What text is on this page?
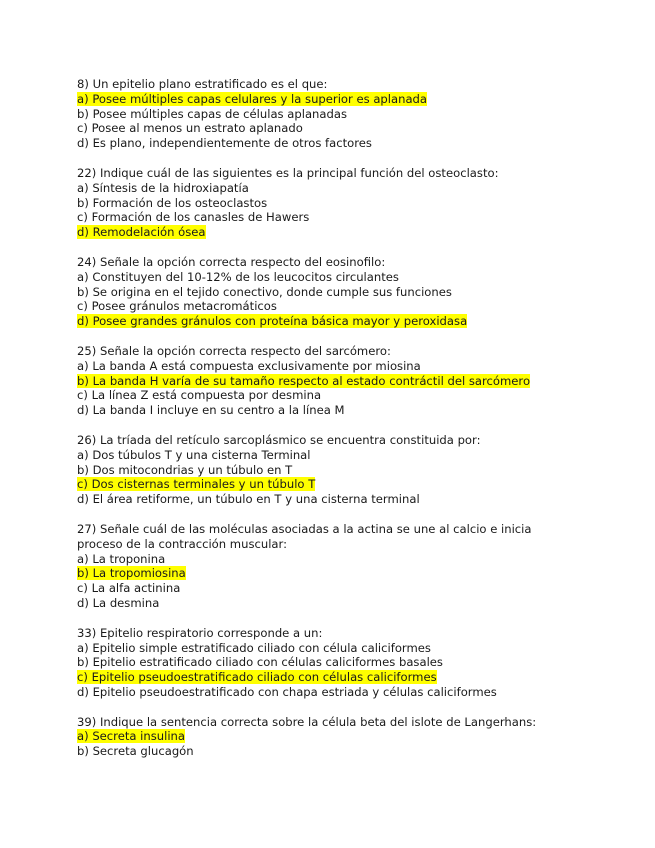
8) Un epitelio plano estratificado es el que:
a) Posee múltiples capas celulares y la superior es aplanada
b) Posee múltiples capas de células aplanadas
c) Posee al menos un estrato aplanado
d) Es plano, independientemente de otros factores
22) Indique cuál de las siguientes es la principal función del osteoclasto:
a) Síntesis de la hidroxiapatía
b) Formación de los osteoclastos
c) Formación de los canasles de Hawers
d) Remodelación ósea
24) Señale la opción correcta respecto del eosinofilo:
a) Constituyen del 10-12% de los leucocitos circulantes
b) Se origina en el tejido conectivo, donde cumple sus funciones
c) Posee gránulos metacromáticos
d) Posee grandes gránulos con proteína básica mayor y peroxidasa
25) Señale la opción correcta respecto del sarcómero:
a) La banda A está compuesta exclusivamente por miosina
b) La banda H varía de su tamaño respecto al estado contráctil del sarcómero
c) La línea Z está compuesta por desmina
d) La banda I incluye en su centro a la línea M
26) La tríada del retículo sarcoplásmico se encuentra constituida por:
a) Dos túbulos T y una cisterna Terminal
b) Dos mitocondrias y un túbulo en T
c) Dos cisternas terminales y un túbulo T
d) El área retiforme, un túbulo en T y una cisterna terminal
27) Señale cuál de las moléculas asociadas a la actina se une al calcio e inicia proceso de la contracción muscular:
a) La troponina
b) La tropomiosina
c) La alfa actinina
d) La desmina
33) Epitelio respiratorio corresponde a un:
a) Epitelio simple estratificado ciliado con célula caliciformes
b) Epitelio estratificado ciliado con células caliciformes basales
c) Epitelio pseudoestratificado ciliado con células caliciformes
d) Epitelio pseudoestratificado con chapa estriada y células caliciformes
39) Indique la sentencia correcta sobre la célula beta del islote de Langerhans:
a) Secreta insulina
b) Secreta glucagón
